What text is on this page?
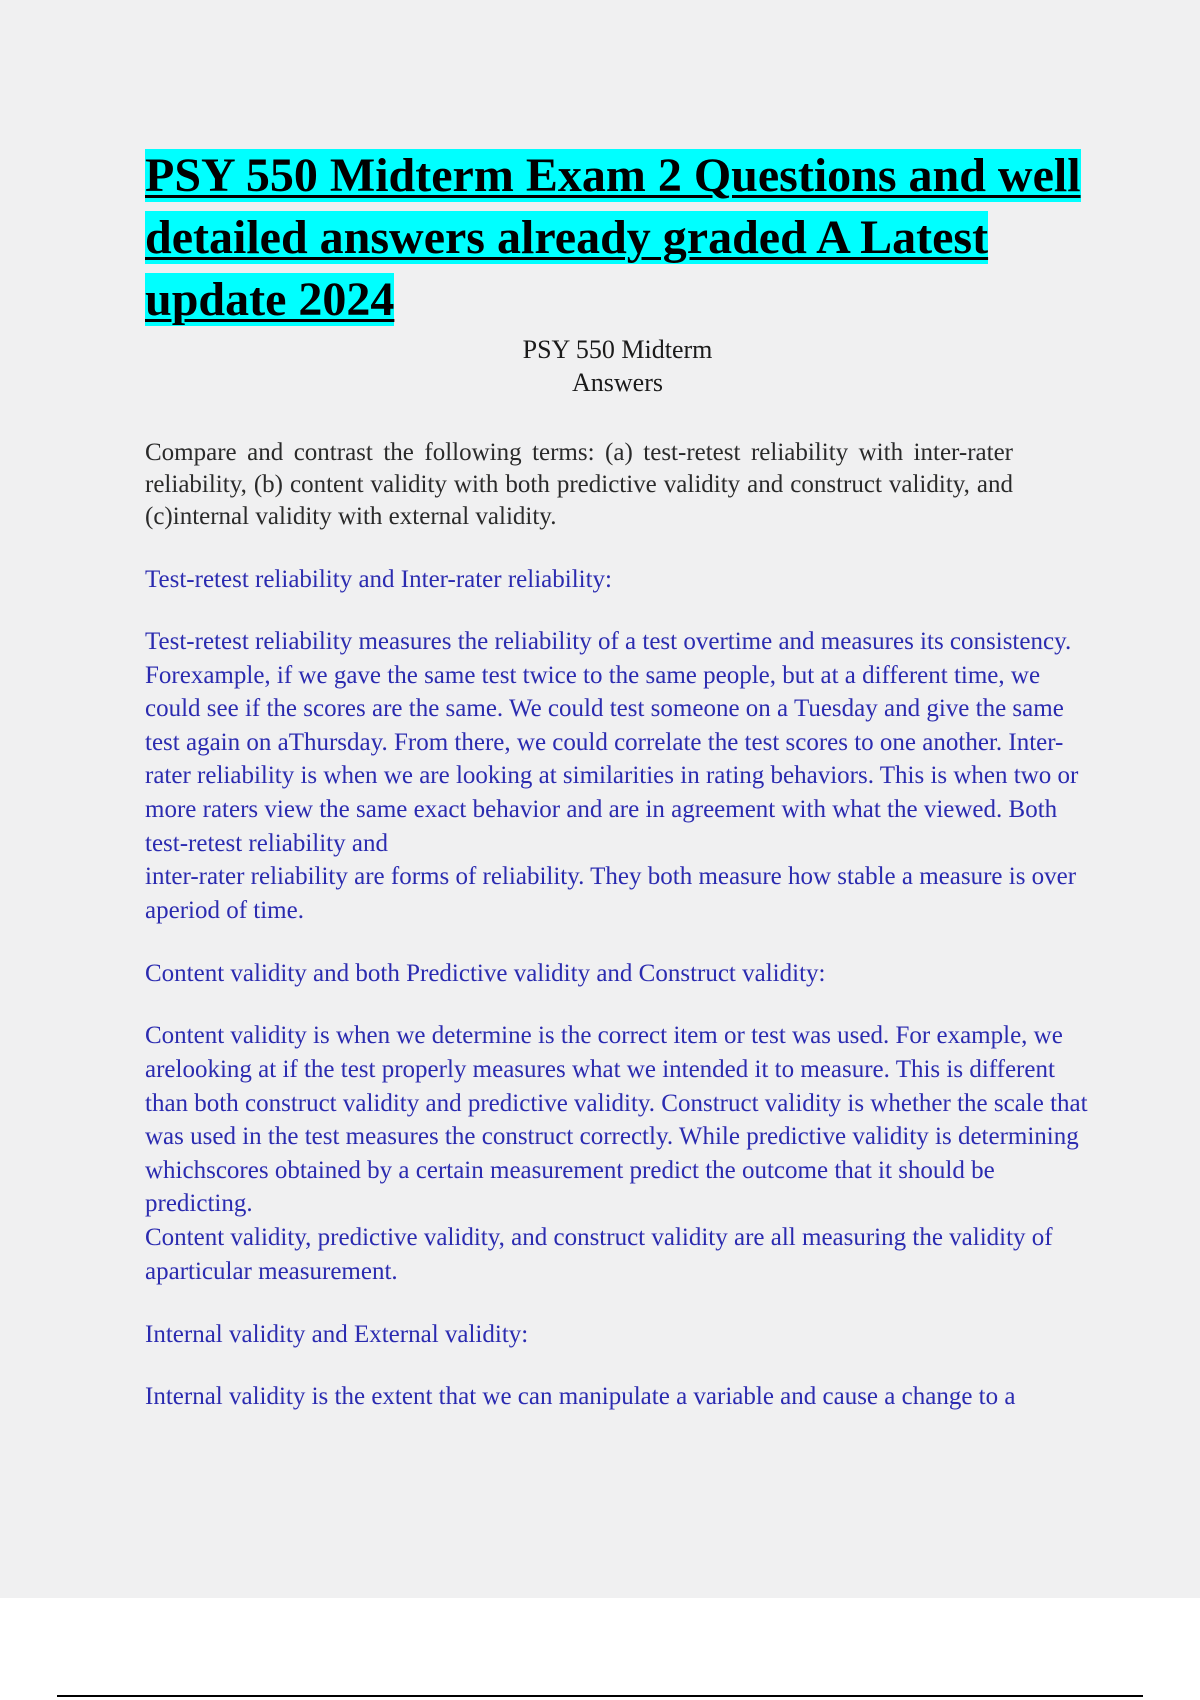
PSY 550 Midterm Exam 2 Questions and well detailed answers already graded A Latest update 2024
PSY 550 Midterm
Answers

Compare and contrast the following terms: (a) test-retest reliability with inter-rater reliability, (b) content validity with both predictive validity and construct validity, and (c)internal validity with external validity.

Test-retest reliability and Inter-rater reliability:
Test-retest reliability measures the reliability of a test overtime and measures its consistency. Forexample, if we gave the same test twice to the same people, but at a different time, we could see if the scores are the same. We could test someone on a Tuesday and give the same test again on aThursday. From there, we could correlate the test scores to one another. Inter-rater reliability is when we are looking at similarities in rating behaviors. This is when two or more raters view the same exact behavior and are in agreement with what the viewed. Both test-retest reliability and
inter-rater reliability are forms of reliability. They both measure how stable a measure is over aperiod of time.
Content validity and both Predictive validity and Construct validity:
Content validity is when we determine is the correct item or test was used. For example, we arelooking at if the test properly measures what we intended it to measure. This is different than both construct validity and predictive validity. Construct validity is whether the scale that was used in the test measures the construct correctly. While predictive validity is determining whichscores obtained by a certain measurement predict the outcome that it should be predicting.
Content validity, predictive validity, and construct validity are all measuring the validity of aparticular measurement.
Internal validity and External validity:
Internal validity is the extent that we can manipulate a variable and cause a change to a
